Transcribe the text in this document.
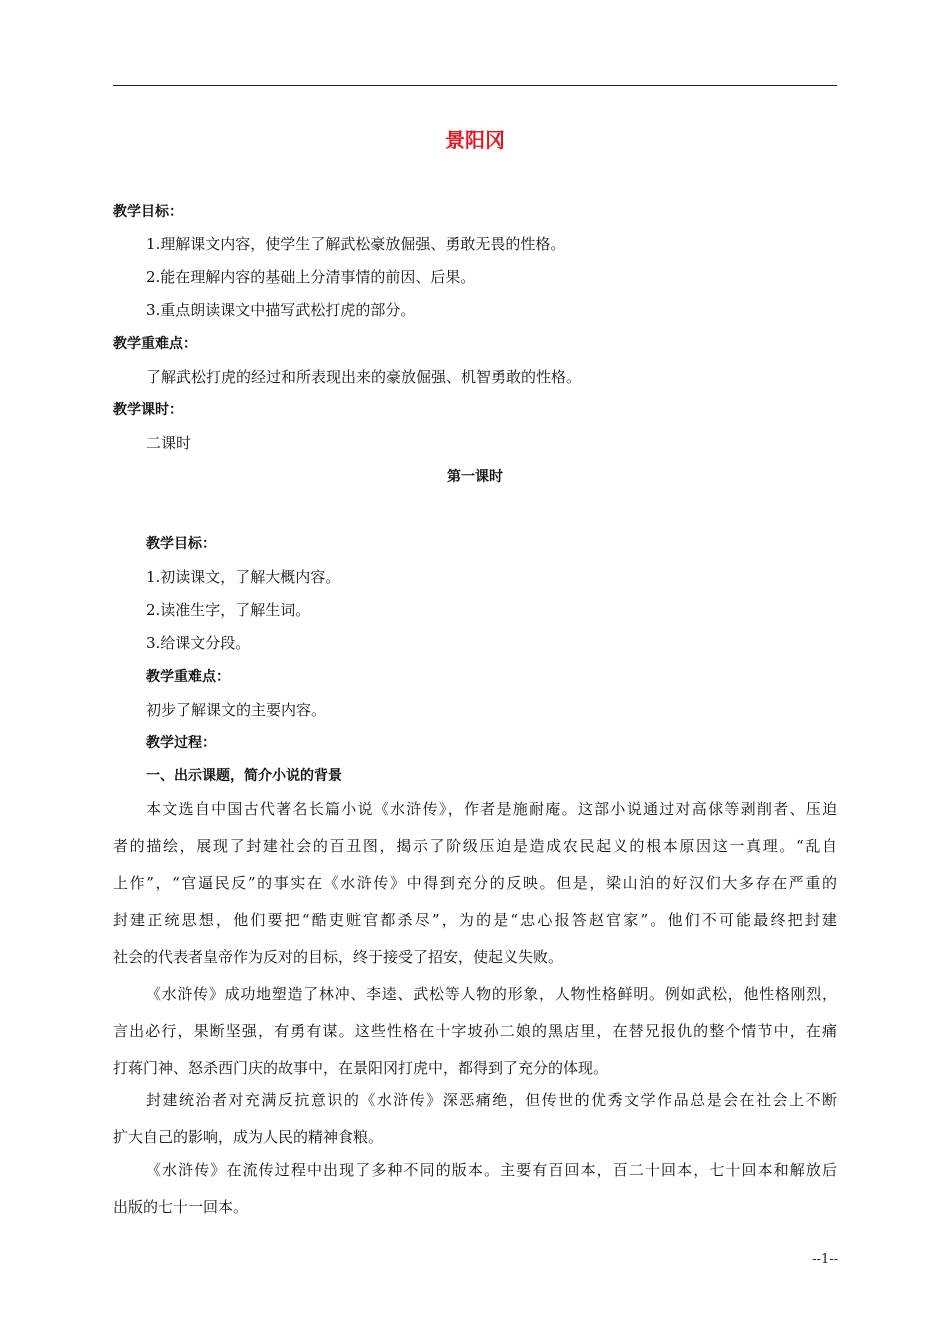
景阳冈
教学目标：
1.理解课文内容，使学生了解武松豪放倔强、勇敢无畏的性格。
2.能在理解内容的基础上分清事情的前因、后果。
3.重点朗读课文中描写武松打虎的部分。
教学重难点：
了解武松打虎的经过和所表现出来的豪放倔强、机智勇敢的性格。
教学课时：
二课时
第一课时
教学目标：
1.初读课文，了解大概内容。
2.读准生字，了解生词。
3.给课文分段。
教学重难点：
初步了解课文的主要内容。
教学过程：
一、出示课题，简介小说的背景
本文选自中国古代著名长篇小说《水浒传》，作者是施耐庵。这部小说通过对高俅等剥削者、压迫
者的描绘，展现了封建社会的百丑图，揭示了阶级压迫是造成农民起义的根本原因这一真理。“乱自
上作”，“官逼民反”的事实在《水浒传》中得到充分的反映。但是，梁山泊的好汉们大多存在严重的
封建正统思想，他们要把“酷吏赃官都杀尽”，为的是“忠心报答赵官家”。他们不可能最终把封建
社会的代表者皇帝作为反对的目标，终于接受了招安，使起义失败。
《水浒传》成功地塑造了林冲、李逵、武松等人物的形象，人物性格鲜明。例如武松，他性格刚烈，
言出必行，果断坚强，有勇有谋。这些性格在十字坡孙二娘的黑店里，在替兄报仇的整个情节中，在痛
打蒋门神、怒杀西门庆的故事中，在景阳冈打虎中，都得到了充分的体现。
封建统治者对充满反抗意识的《水浒传》深恶痛绝，但传世的优秀文学作品总是会在社会上不断
扩大自己的影响，成为人民的精神食粮。
《水浒传》在流传过程中出现了多种不同的版本。主要有百回本，百二十回本，七十回本和解放后
出版的七十一回本。
--1--
